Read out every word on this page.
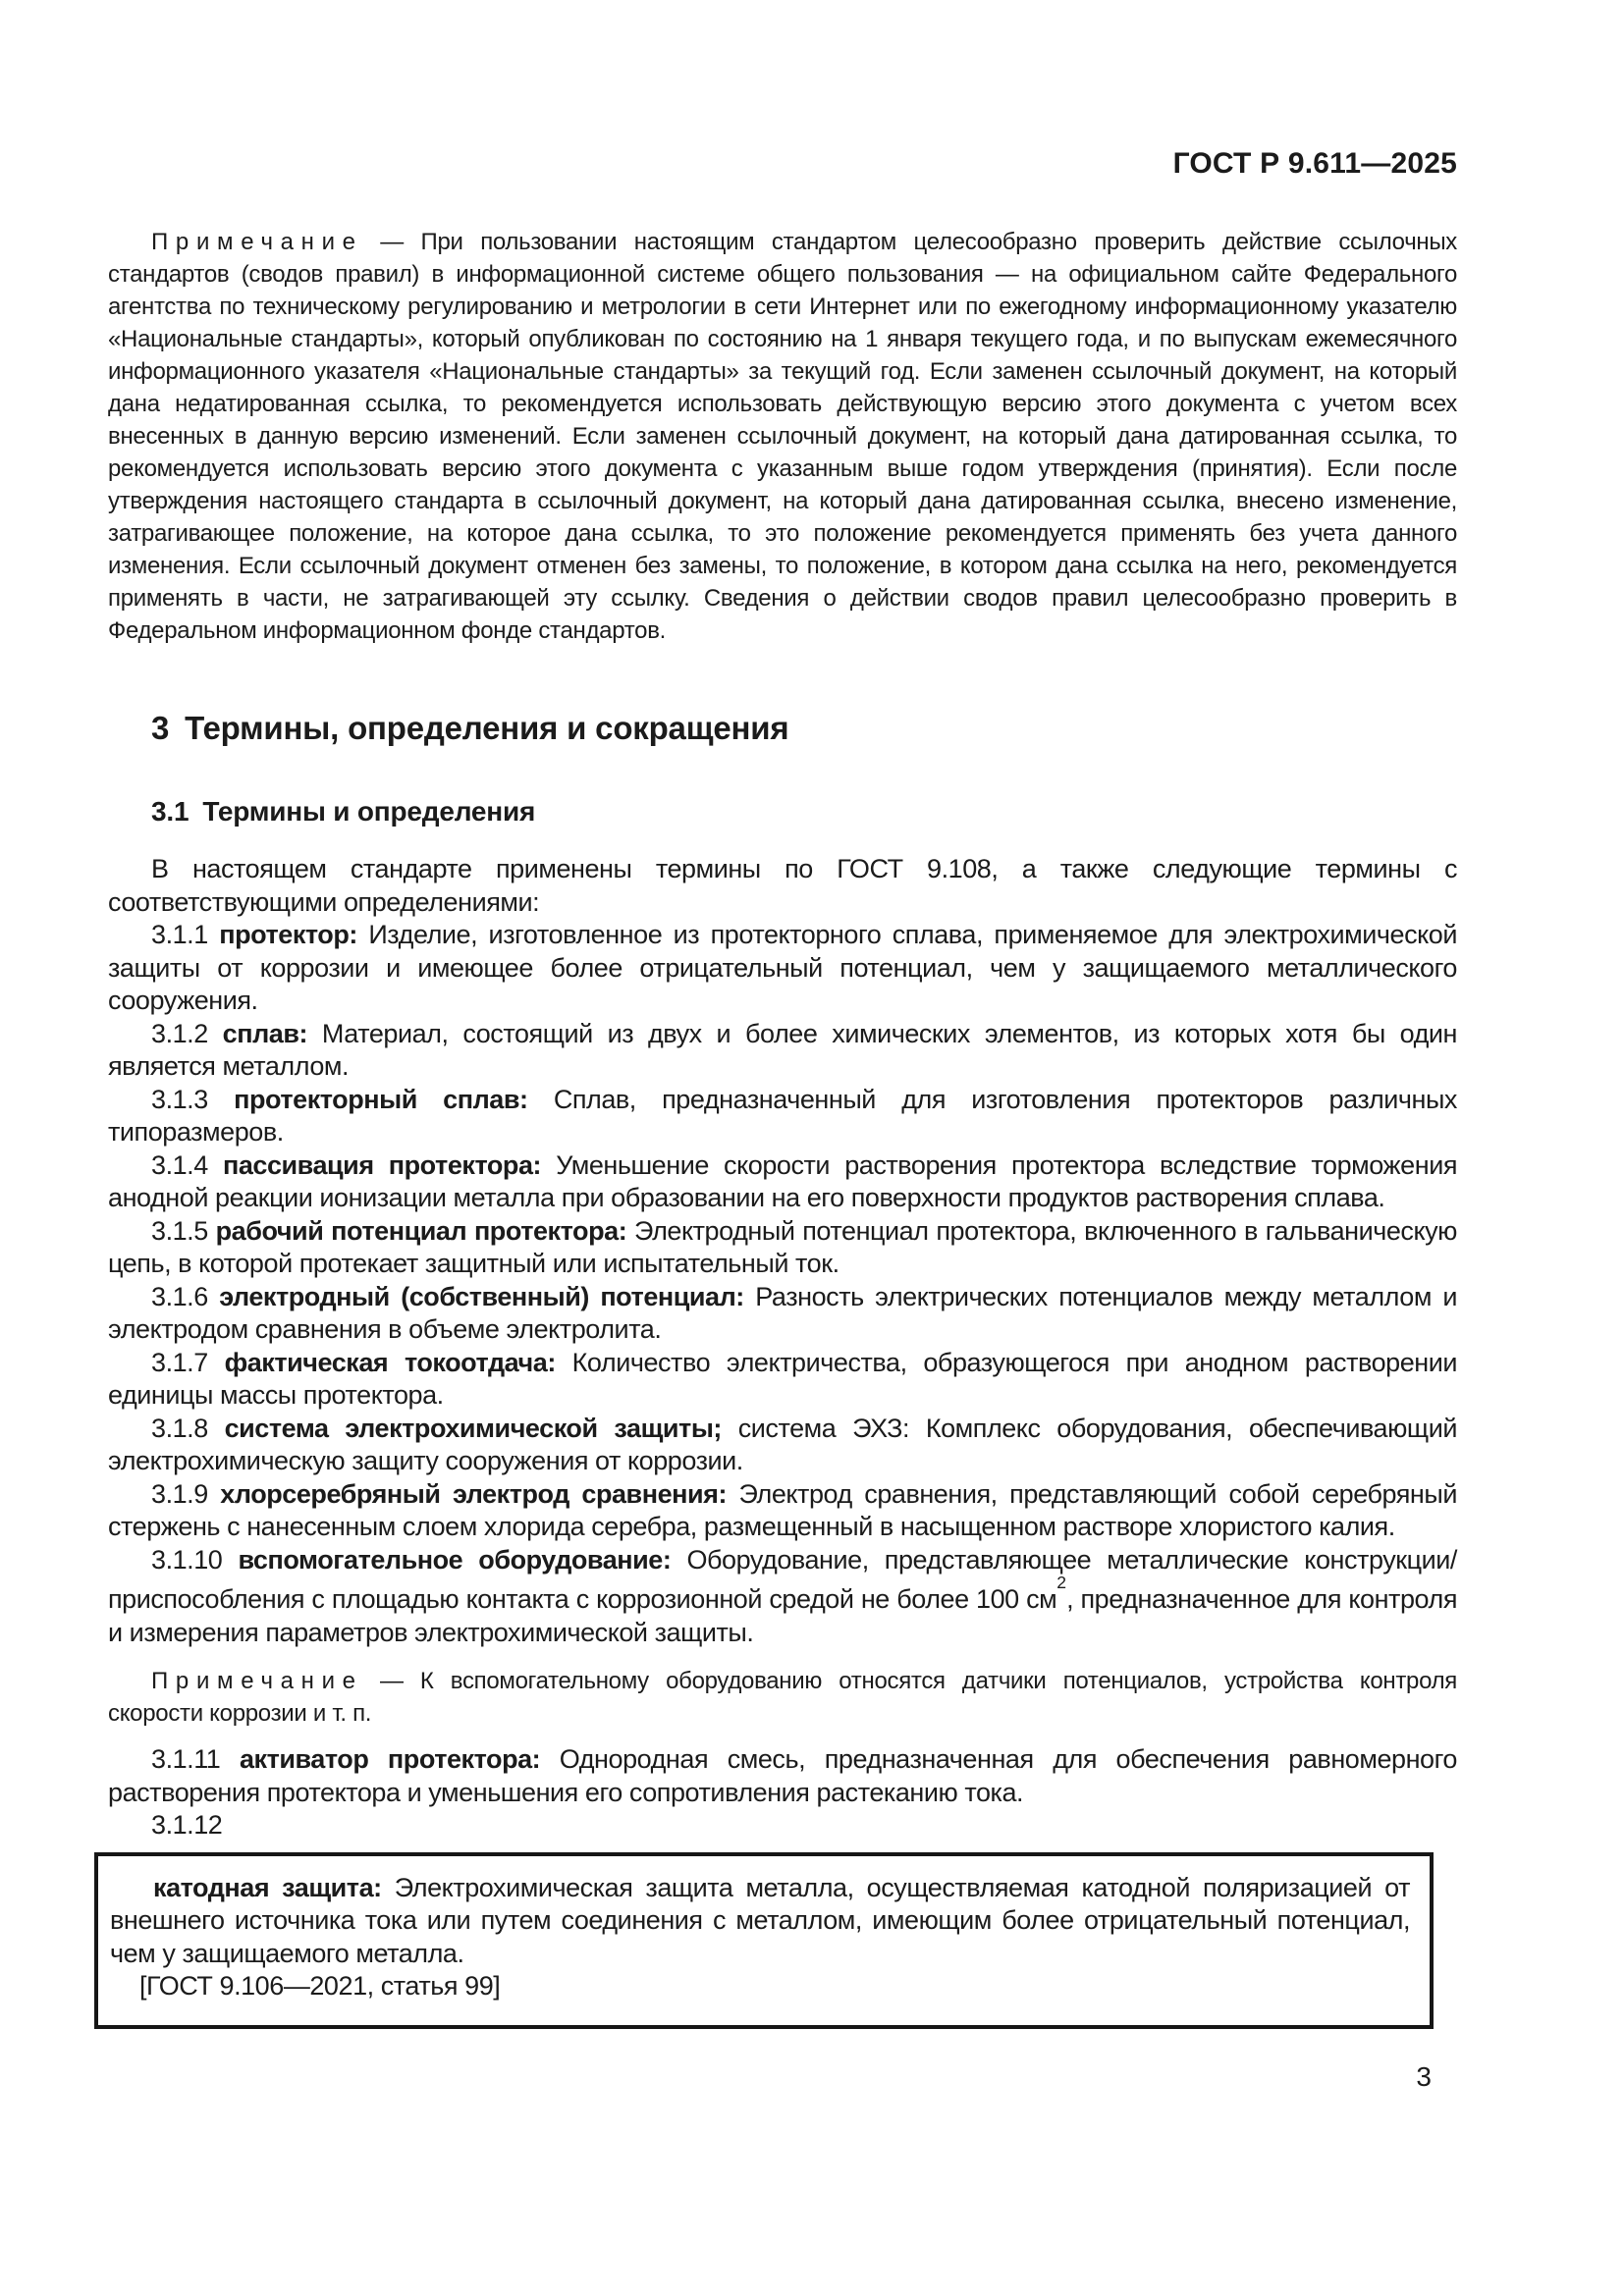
ГОСТ Р 9.611—2025

Примечание — При пользовании настоящим стандартом целесообразно проверить действие ссылочных стандартов (сводов правил) в информационной системе общего пользования — на официальном сайте Федерального агентства по техническому регулированию и метрологии в сети Интернет или по ежегодному информационному указателю «Национальные стандарты», который опубликован по состоянию на 1 января текущего года, и по выпускам ежемесячного информационного указателя «Национальные стандарты» за текущий год. Если заменен ссылочный документ, на который дана недатированная ссылка, то рекомендуется использовать действующую версию этого документа с учетом всех внесенных в данную версию изменений. Если заменен ссылочный документ, на который дана датированная ссылка, то рекомендуется использовать версию этого документа с указанным выше годом утверждения (принятия). Если после утверждения настоящего стандарта в ссылочный документ, на который дана датированная ссылка, внесено изменение, затрагивающее положение, на которое дана ссылка, то это положение рекомендуется применять без учета данного изменения. Если ссылочный документ отменен без замены, то положение, в котором дана ссылка на него, рекомендуется применять в части, не затрагивающей эту ссылку. Сведения о действии сводов правил целесообразно проверить в Федеральном информационном фонде стандартов.

3 Термины, определения и сокращения

3.1 Термины и определения

В настоящем стандарте применены термины по ГОСТ 9.108, а также следующие термины с соответствующими определениями:

3.1.1 протектор: Изделие, изготовленное из протекторного сплава, применяемое для электрохимической защиты от коррозии и имеющее более отрицательный потенциал, чем у защищаемого металлического сооружения.

3.1.2 сплав: Материал, состоящий из двух и более химических элементов, из которых хотя бы один является металлом.

3.1.3 протекторный сплав: Сплав, предназначенный для изготовления протекторов различных типоразмеров.

3.1.4 пассивация протектора: Уменьшение скорости растворения протектора вследствие торможения анодной реакции ионизации металла при образовании на его поверхности продуктов растворения сплава.

3.1.5 рабочий потенциал протектора: Электродный потенциал протектора, включенного в гальваническую цепь, в которой протекает защитный или испытательный ток.

3.1.6 электродный (собственный) потенциал: Разность электрических потенциалов между металлом и электродом сравнения в объеме электролита.

3.1.7 фактическая токоотдача: Количество электричества, образующегося при анодном растворении единицы массы протектора.

3.1.8 система электрохимической защиты; система ЭХЗ: Комплекс оборудования, обеспечивающий электрохимическую защиту сооружения от коррозии.

3.1.9 хлорсеребряный электрод сравнения: Электрод сравнения, представляющий собой серебряный стержень с нанесенным слоем хлорида серебра, размещенный в насыщенном растворе хлористого калия.

3.1.10 вспомогательное оборудование: Оборудование, представляющее металлические конструкции/приспособления с площадью контакта с коррозионной средой не более 100 $см^2$, предназначенное для контроля и измерения параметров электрохимической защиты.

Примечание — К вспомогательному оборудованию относятся датчики потенциалов, устройства контроля скорости коррозии и т. п.

3.1.11 активатор протектора: Однородная смесь, предназначенная для обеспечения равномерного растворения протектора и уменьшения его сопротивления растеканию тока.

3.1.12

катодная защита: Электрохимическая защита металла, осуществляемая катодной поляризацией от внешнего источника тока или путем соединения с металлом, имеющим более отрицательный потенциал, чем у защищаемого металла.

[ГОСТ 9.106—2021, статья 99]

3
